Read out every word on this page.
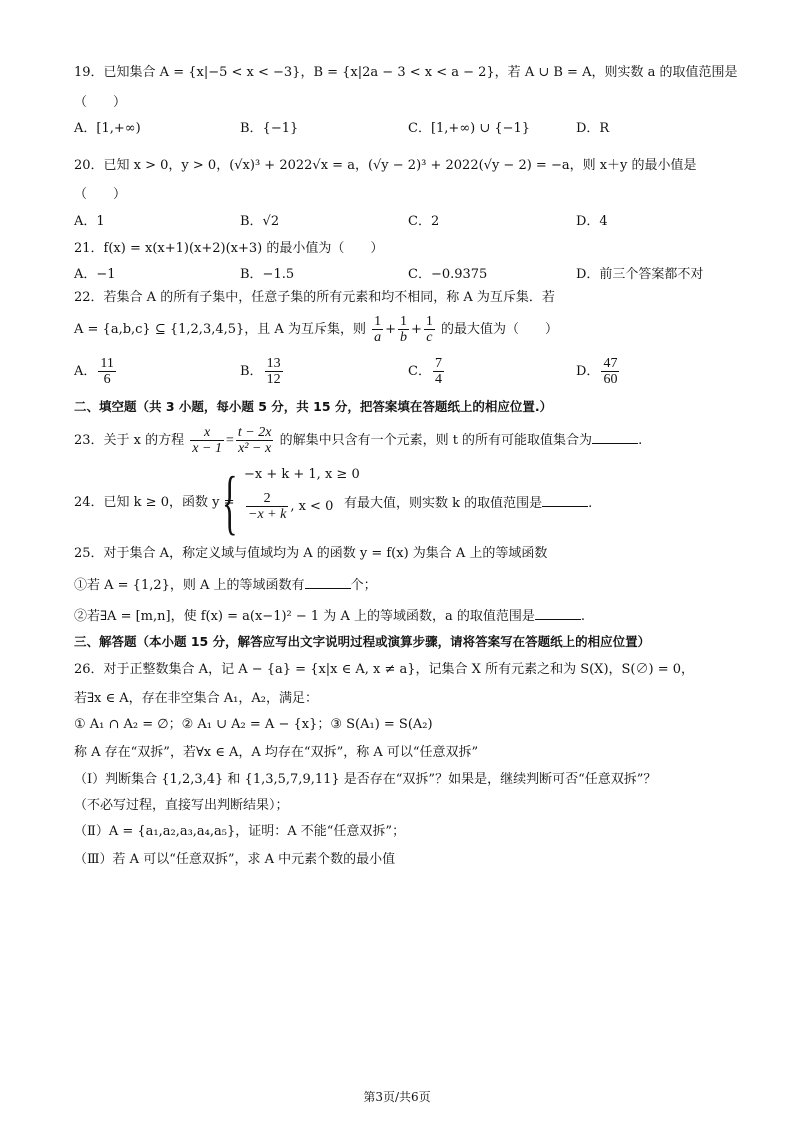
19．已知集合 A = {x|−5 < x < −3}，B = {x|2a − 3 < x < a − 2}，若 A ∪ B = A，则实数 a 的取值范围是
（　　）
A．[1,+∞)	B．{−1}	C．[1,+∞) ∪ {−1}	D．R
20．已知 x > 0，y > 0，(√x)³ + 2022√x = a，(√y − 2)³ + 2022(√y − 2) = −a，则 x＋y 的最小值是
（　　）
A．1	B．√2	C．2	D．4
21．f(x) = x(x+1)(x+2)(x+3) 的最小值为（　　）
A．−1	B．−1.5	C．−0.9375	D．前三个答案都不对
22．若集合 A 的所有子集中，任意子集的所有元素和均不相同，称 A 为互斥集．若
A = {a,b,c} ⊆ {1,2,3,4,5}，且 A 为互斥集，则 $\frac{1}{a} + \frac{1}{b} + \frac{1}{c}$ 的最大值为（　　）
A． $\frac{11}{6}$	B． $\frac{13}{12}$	C． $\frac{7}{4}$	D． $\frac{47}{60}$
二、填空题（共 3 小题，每小题 5 分，共 15 分，把答案填在答题纸上的相应位置.）
23．关于 x 的方程 $\frac{x}{x - 1} = \frac{t - 2x}{\text{x² − x}}$ 的解集中只含有一个元素，则 t 的所有可能取值集合为	.
24．已知 k ≥ 0，函数 y =
{ −x + k + 1, x ≥ 0
$\frac{2}{-x + k}$ , x < 0 有最大值，则实数 k 的取值范围是	.
25．对于集合 A，称定义域与值域均为 A 的函数 y = f(x) 为集合 A 上的等域函数
①若 A = {1,2}，则 A 上的等域函数有	个；
②若∃A = [m,n]，使 f(x) = a(x−1)² − 1 为 A 上的等域函数，a 的取值范围是	.
三、解答题（本小题 15 分，解答应写出文字说明过程或演算步骤，请将答案写在答题纸上的相应位置）
26．对于正整数集合 A，记 A − {a} = {x|x ∈ A, x ≠ a}，记集合 X 所有元素之和为 S(X)，S(∅) = 0，
若∃x ∈ A，存在非空集合 A₁，A₂，满足：
① A₁ ∩ A₂ = ∅；② A₁ ∪ A₂ = A − {x}；③ S(A₁) = S(A₂)
称 A 存在“双拆”，若∀x ∈ A，A 均存在“双拆”，称 A 可以“任意双拆”
（Ⅰ）判断集合 {1,2,3,4} 和 {1,3,5,7,9,11} 是否存在“双拆”？如果是，继续判断可否“任意双拆”？
（不必写过程，直接写出判断结果）；
（Ⅱ）A = {a₁,a₂,a₃,a₄,a₅}，证明：A 不能“任意双拆”；
（Ⅲ）若 A 可以“任意双拆”，求 A 中元素个数的最小值
第3页/共6页
